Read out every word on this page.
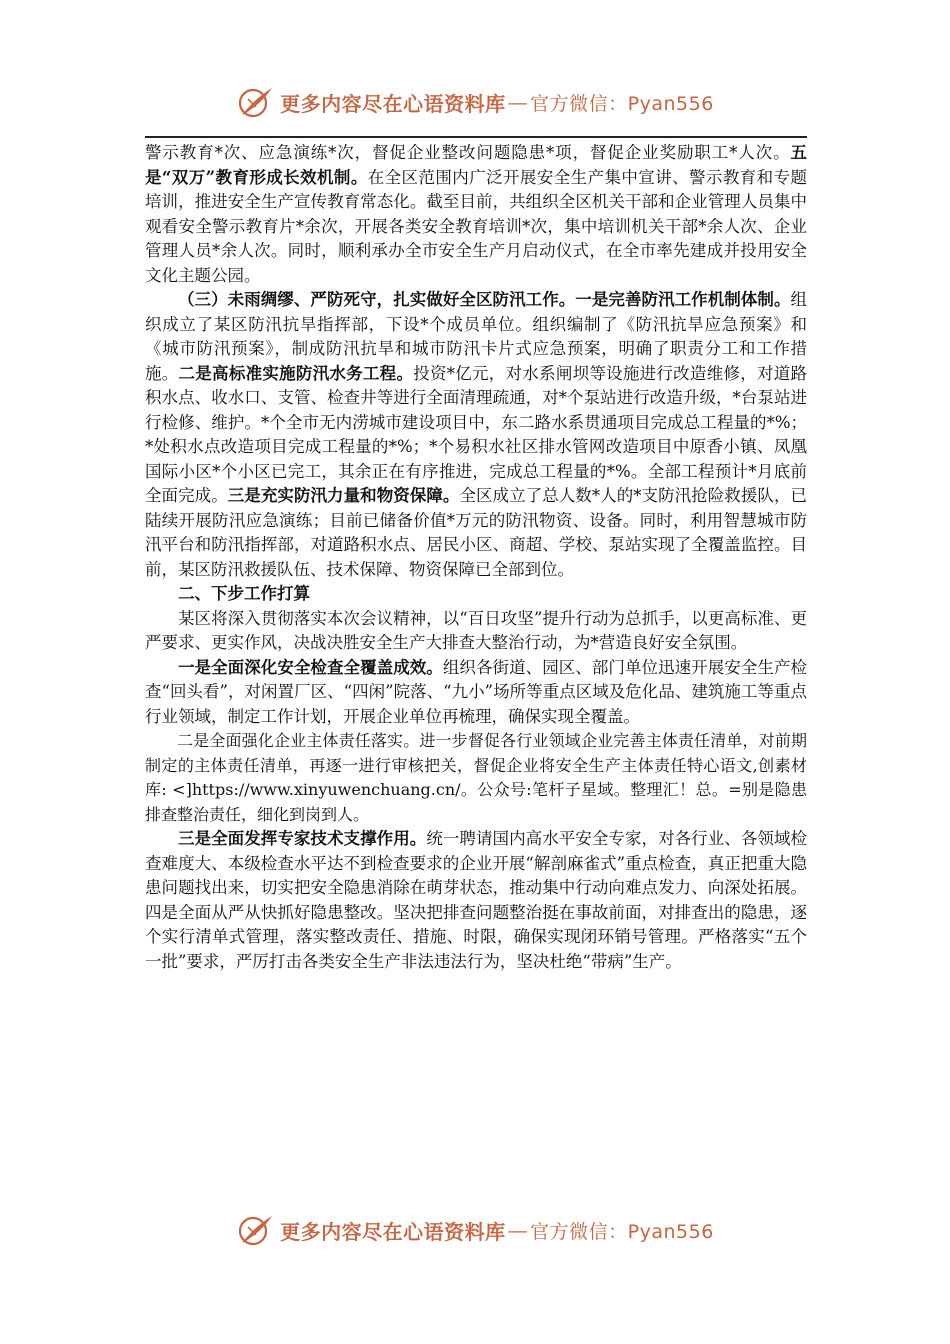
更多内容尽在心语资料库 — 官方微信：Pyan556

警示教育*次、应急演练*次，督促企业整改问题隐患*项，督促企业奖励职工*人次。五是“双万”教育形成长效机制。在全区范围内广泛开展安全生产集中宣讲、警示教育和专题培训，推进安全生产宣传教育常态化。截至目前，共组织全区机关干部和企业管理人员集中观看安全警示教育片*余次，开展各类安全教育培训*次，集中培训机关干部*余人次、企业管理人员*余人次。同时，顺利承办全市安全生产月启动仪式，在全市率先建成并投用安全文化主题公园。

（三）未雨绸缪、严防死守，扎实做好全区防汛工作。一是完善防汛工作机制体制。组织成立了某区防汛抗旱指挥部，下设*个成员单位。组织编制了《防汛抗旱应急预案》和《城市防汛预案》，制成防汛抗旱和城市防汛卡片式应急预案，明确了职责分工和工作措施。二是高标准实施防汛水务工程。投资*亿元，对水系闸坝等设施进行改造维修，对道路积水点、收水口、支管、检查井等进行全面清理疏通，对*个泵站进行改造升级，*台泵站进行检修、维护。*个全市无内涝城市建设项目中，东二路水系贯通项目完成总工程量的*%；*处积水点改造项目完成工程量的*%；*个易积水社区排水管网改造项目中原香小镇、凤凰国际小区*个小区已完工，其余正在有序推进，完成总工程量的*%。全部工程预计*月底前全面完成。三是充实防汛力量和物资保障。全区成立了总人数*人的*支防汛抢险救援队，已陆续开展防汛应急演练；目前已储备价值*万元的防汛物资、设备。同时，利用智慧城市防汛平台和防汛指挥部，对道路积水点、居民小区、商超、学校、泵站实现了全覆盖监控。目前，某区防汛救援队伍、技术保障、物资保障已全部到位。

二、下步工作打算

某区将深入贯彻落实本次会议精神，以“百日攻坚”提升行动为总抓手，以更高标准、更严要求、更实作风，决战决胜安全生产大排查大整治行动，为*营造良好安全氛围。

一是全面深化安全检查全覆盖成效。组织各街道、园区、部门单位迅速开展安全生产检查“回头看”，对闲置厂区、“四闲”院落、“九小”场所等重点区域及危化品、建筑施工等重点行业领域，制定工作计划，开展企业单位再梳理，确保实现全覆盖。

二是全面强化企业主体责任落实。进一步督促各行业领域企业完善主体责任清单，对前期制定的主体责任清单，再逐一进行审核把关，督促企业将安全生产主体责任特心语文,创素材库: <]https://www.xinyuwenchuang.cn/。公众号:笔杆子星域。整理汇！总。=别是隐患排查整治责任，细化到岗到人。

三是全面发挥专家技术支撑作用。统一聘请国内高水平安全专家，对各行业、各领域检查难度大、本级检查水平达不到检查要求的企业开展“解剖麻雀式”重点检查，真正把重大隐患问题找出来，切实把安全隐患消除在萌芽状态，推动集中行动向难点发力、向深处拓展。四是全面从严从快抓好隐患整改。坚决把排查问题整治挺在事故前面，对排查出的隐患，逐个实行清单式管理，落实整改责任、措施、时限，确保实现闭环销号管理。严格落实“五个一批”要求，严厉打击各类安全生产非法违法行为，坚决杜绝“带病”生产。

更多内容尽在心语资料库 — 官方微信：Pyan556
